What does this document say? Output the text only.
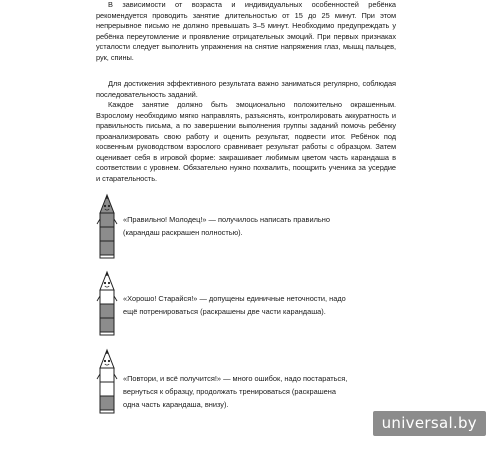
В зависимости от возраста и индивидуальных особенностей ребёнка рекомендуется проводить занятие длительностью от 15 до 25 минут. При этом непрерывное письмо не должно превышать 3–5 минут. Необходимо предупреждать у ребёнка переутомление и проявление отрицательных эмоций. При первых признаках усталости следует выполнить упражнения на снятие напряжения глаз, мышц пальцев, рук, спины.

Для достижения эффективного результата важно заниматься регулярно, соблюдая последовательность заданий.

Каждое занятие должно быть эмоционально положительно окрашенным. Взрослому необходимо мягко направлять, разъяснять, контролировать аккуратность и правильность письма, а по завершении выполнения группы заданий помочь ребёнку проанализировать свою работу и оценить результат, подвести итог. Ребёнок под косвенным руководством взрослого сравнивает результат работы с образцом. Затем оценивает себя в игровой форме: закрашивает любимым цветом часть карандаша в соответствии с уровнем. Обязательно нужно похвалить, поощрить ученика за усердие и старательность.

«Правильно! Молодец!» — получилось написать правильно (карандаш раскрашен полностью).
«Хорошо! Старайся!» — допущены единичные неточности, надо ещё потренироваться (раскрашены две части карандаша).
«Повтори, и всё получится!» — много ошибок, надо постараться, вернуться к образцу, продолжать тренироваться (раскрашена одна часть карандаша, внизу).
universal.by
